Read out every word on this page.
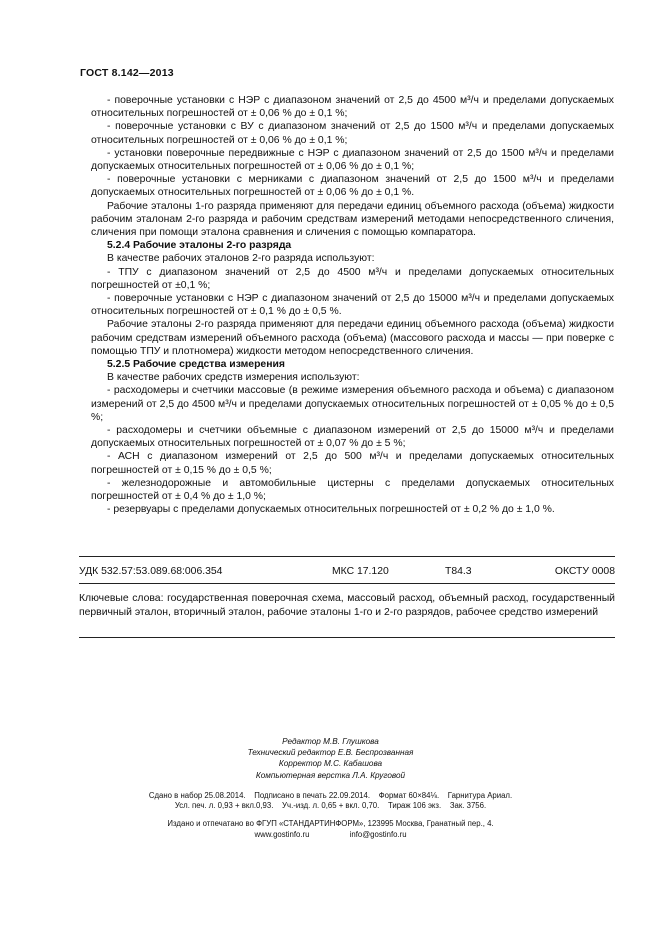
ГОСТ 8.142—2013

- поверочные установки с НЭР с диапазоном значений от 2,5 до 4500 м³/ч и пределами допускаемых относительных погрешностей от ± 0,06 % до ± 0,1 %;

- поверочные установки с ВУ с диапазоном значений от 2,5 до 1500 м³/ч и пределами допускаемых относительных погрешностей от ± 0,06 % до ± 0,1 %;

- установки поверочные передвижные с НЭР с диапазоном значений от 2,5 до 1500 м³/ч и пределами допускаемых относительных погрешностей от ± 0,06 % до ± 0,1 %;

- поверочные установки с мерниками с диапазоном значений от 2,5 до 1500 м³/ч и пределами допускаемых относительных погрешностей от ± 0,06 % до ± 0,1 %.

Рабочие эталоны 1-го разряда применяют для передачи единиц объемного расхода (объема) жидкости рабочим эталонам 2-го разряда и рабочим средствам измерений методами непосредственного сличения, сличения при помощи эталона сравнения и сличения с помощью компаратора.

5.2.4 Рабочие эталоны 2-го разряда

В качестве рабочих эталонов 2-го разряда используют:

- ТПУ с диапазоном значений от 2,5 до 4500 м³/ч и пределами допускаемых относительных погрешностей от ±0,1 %;

- поверочные установки с НЭР с диапазоном значений от 2,5 до 15000 м³/ч и пределами допускаемых относительных погрешностей от ± 0,1 % до ± 0,5 %.

Рабочие эталоны 2-го разряда применяют для передачи единиц объемного расхода (объема) жидкости рабочим средствам измерений объемного расхода (объема) (массового расхода и массы — при поверке с помощью ТПУ и плотномера) жидкости методом непосредственного сличения.

5.2.5 Рабочие средства измерения

В качестве рабочих средств измерения используют:

- расходомеры и счетчики массовые (в режиме измерения объемного расхода и объема) с диапазоном измерений от 2,5 до 4500 м³/ч и пределами допускаемых относительных погрешностей от ± 0,05 % до ± 0,5 %;

- расходомеры и счетчики объемные с диапазоном измерений от 2,5 до 15000 м³/ч и пределами допускаемых относительных погрешностей от ± 0,07 % до ± 5 %;

- АСН с диапазоном измерений от 2,5 до 500 м³/ч и пределами допускаемых относительных погрешностей от ± 0,15 % до ± 0,5 %;

- железнодорожные и автомобильные цистерны с пределами допускаемых относительных погрешностей от ± 0,4 % до ± 1,0 %;

- резервуары с пределами допускаемых относительных погрешностей от ± 0,2 % до ± 1,0 %.

УДК 532.57:53.089.68:006.354	МКС 17.120	Т84.3	ОКСТУ 0008
Ключевые слова: государственная поверочная схема, массовый расход, объемный расход, государственный первичный эталон, вторичный эталон, рабочие эталоны 1-го и 2-го разрядов, рабочее средство измерений
Редактор М.В. Глушкова
Технический редактор Е.В. Беспрозванная
Корректор М.С. Кабашова
Компьютерная верстка Л.А. Круговой
Сдано в набор 25.08.2014.    Подписано в печать 22.09.2014.    Формат 60×84⅛.    Гарнитура Ариал.
Усл. печ. л. 0,93 + вкл.0,93.    Уч.-изд. л. 0,65 + вкл. 0,70.    Тираж 106 экз.    Зак. 3756.
Издано и отпечатано во ФГУП «СТАНДАРТИНФОРМ», 123995 Москва, Гранатный пер., 4.
www.gostinfo.ru	info@gostinfo.ru
